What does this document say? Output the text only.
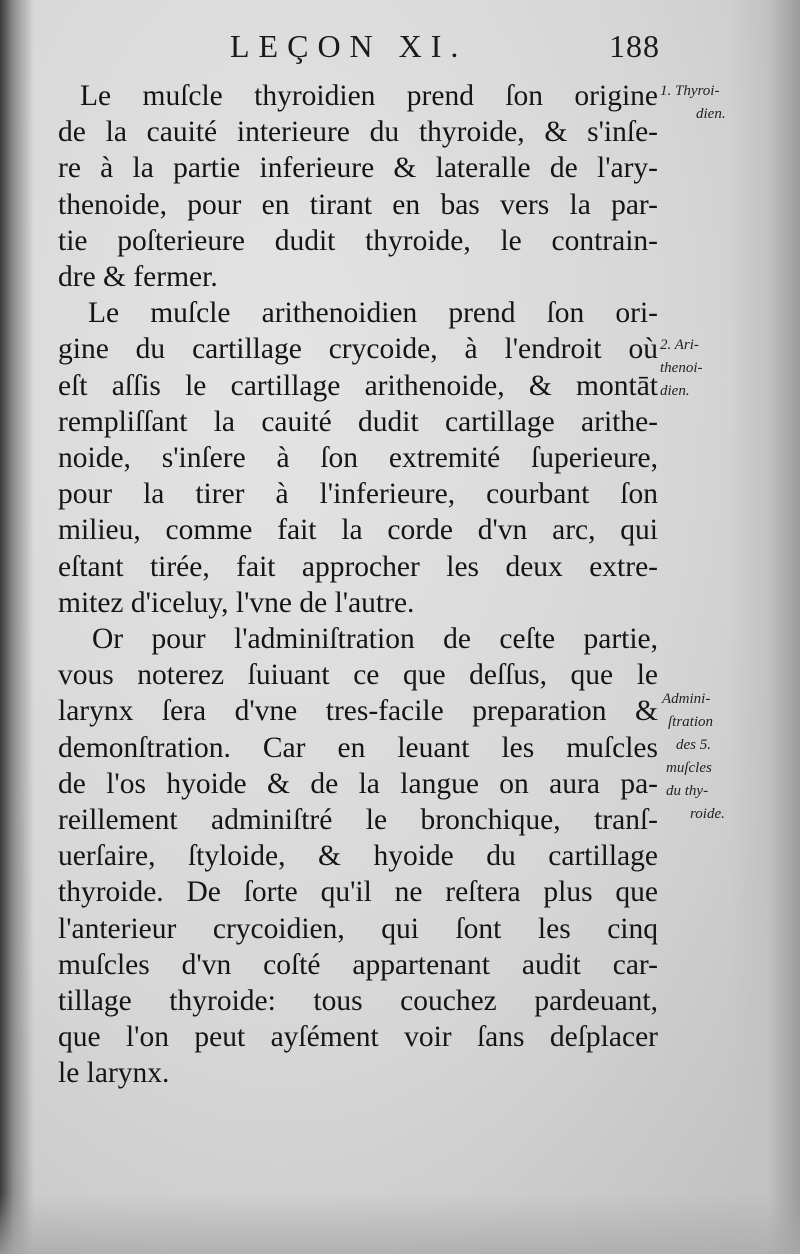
LEÇON XI.	188
Le muſcle thyroidien prend ſon origine
de la cauité interieure du thyroide, & s'inſe-
re à la partie inferieure & lateralle de l'ary-
thenoide, pour en tirant en bas vers la par-
tie poſterieure dudit thyroide, le contrain-
dre & fermer.
Le muſcle arithenoidien prend ſon ori-
gine du cartillage crycoide, à l'endroit où
eſt aſſis le cartillage arithenoide, & montāt
rempliſſant la cauité dudit cartillage arithe-
noide, s'inſere à ſon extremité ſuperieure,
pour la tirer à l'inferieure, courbant ſon
milieu, comme fait la corde d'vn arc, qui
eſtant tirée, fait approcher les deux extre-
mitez d'iceluy, l'vne de l'autre.
Or pour l'adminiſtration de ceſte partie,
vous noterez ſuiuant ce que deſſus, que le
larynx ſera d'vne tres-facile preparation &
demonſtration. Car en leuant les muſcles
de l'os hyoide & de la langue on aura pa-
reillement adminiſtré le bronchique, tranſ-
uerſaire, ſtyloide, & hyoide du cartillage
thyroide. De ſorte qu'il ne reſtera plus que
l'anterieur crycoidien, qui ſont les cinq
muſcles d'vn coſté appartenant audit car-
tillage thyroide: tous couchez pardeuant,
que l'on peut ayſément voir ſans deſplacer
le larynx.
1. Thyroi-
dien.
2. Ari-
thenoi-
dien.
Admini-
ſtration
des 5.
muſcles
du thy-
roide.
